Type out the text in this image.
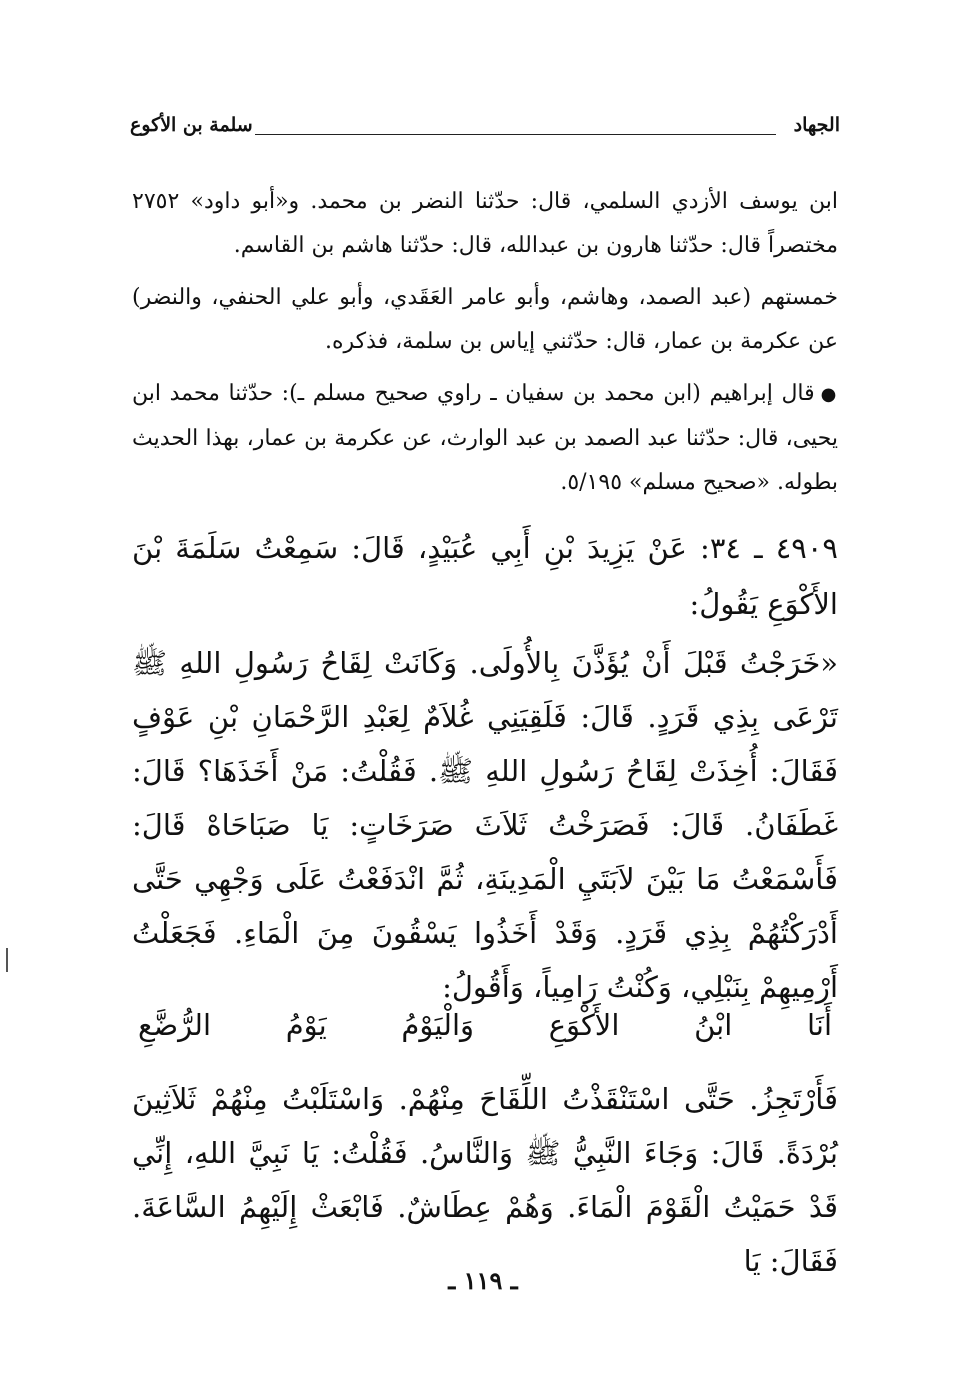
الجهاد
سلمة بن الأكوع
ابن يوسف الأزدي السلمي، قال: حدّثنا النضر بن محمد. و«أبو داود» ٢٧٥٢ مختصراً قال: حدّثنا هارون بن عبدالله، قال: حدّثنا هاشم بن القاسم.
خمستهم (عبد الصمد، وهاشم، وأبو عامر العَقَدي، وأبو علي الحنفي، والنضر) عن عكرمة بن عمار، قال: حدّثني إياس بن سلمة، فذكره.
●قال إبراهيم (ابن محمد بن سفيان ـ راوي صحيح مسلم ـ): حدّثنا محمد ابن يحيى، قال: حدّثنا عبد الصمد بن عبد الوارث، عن عكرمة بن عمار، بهذا الحديث بطوله. «صحيح مسلم» ٥/١٩٥.
٤٩٠٩ ـ ٣٤: عَنْ يَزِيدَ بْنِ أَبِي عُبَيْدٍ، قَالَ: سَمِعْتُ سَلَمَةَ بْنَ الأَكْوَعِ يَقُولُ:
«خَرَجْتُ قَبْلَ أَنْ يُؤَذَّنَ بِالأُولَى. وَكَانَتْ لِقَاحُ رَسُولِ اللهِ ﷺ تَرْعَى بِذِي قَرَدٍ. قَالَ: فَلَقِيَنِي غُلاَمٌ لِعَبْدِ الرَّحْمَانِ بْنِ عَوْفٍ فَقَالَ: أُخِذَتْ لِقَاحُ رَسُولِ اللهِ ﷺ. فَقُلْتُ: مَنْ أَخَذَهَا؟ قَالَ: غَطَفَانُ. قَالَ: فَصَرَخْتُ ثَلاَثَ صَرَخَاتٍ: يَا صَبَاحَاهْ قَالَ: فَأَسْمَعْتُ مَا بَيْنَ لاَبَتَيِ الْمَدِينَةِ، ثُمَّ انْدَفَعْتُ عَلَى وَجْهِي حَتَّى أَدْرَكْتُهُمْ بِذِي قَرَدٍ. وَقَدْ أَخَذُوا يَسْقُونَ مِنَ الْمَاءِ. فَجَعَلْتُ أَرْمِيهِمْ بِنَبْلِي، وَكُنْتُ رَامِياً، وَأَقُولُ:
أَنَا
ابْنُ
الأَكْوَعِ
وَالْيَوْمُ
يَوْمُ
الرُّضَّعِ
فَأَرْتَجِزُ. حَتَّى اسْتَنْقَذْتُ اللِّقَاحَ مِنْهُمْ. وَاسْتَلَبْتُ مِنْهُمْ ثَلاَثِينَ بُرْدَةً. قَالَ: وَجَاءَ النَّبِيُّ ﷺ وَالنَّاسُ. فَقُلْتُ: يَا نَبِيَّ اللهِ، إِنِّي قَدْ حَمَيْتُ الْقَوْمَ الْمَاءَ. وَهُمْ عِطَاشٌ. فَابْعَثْ إِلَيْهِمُ السَّاعَةَ. فَقَالَ: يَا
ـ ١١٩ ـ
